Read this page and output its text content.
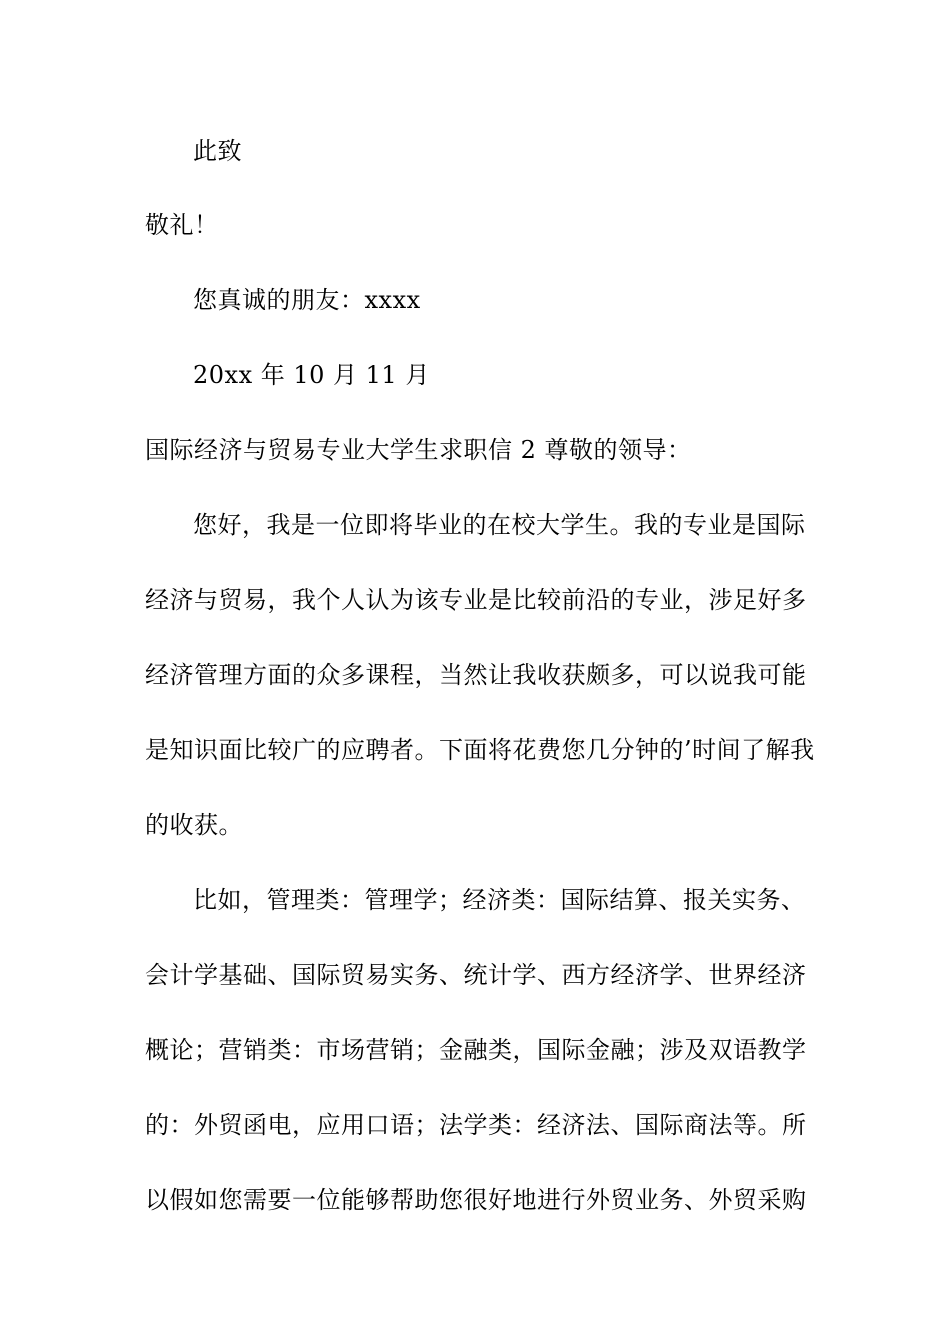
此致
敬礼！
您真诚的朋友：xxxx
20xx 年 10 月 11 月
国际经济与贸易专业大学生求职信 2 尊敬的领导：
您好，我是一位即将毕业的在校大学生。我的专业是国际
经济与贸易，我个人认为该专业是比较前沿的专业，涉足好多
经济管理方面的众多课程，当然让我收获颇多，可以说我可能
是知识面比较广的应聘者。下面将花费您几分钟的’时间了解我
的收获。
比如，管理类：管理学；经济类：国际结算、报关实务、
会计学基础、国际贸易实务、统计学、西方经济学、世界经济
概论；营销类：市场营销；金融类，国际金融；涉及双语教学
的：外贸函电，应用口语；法学类：经济法、国际商法等。所
以假如您需要一位能够帮助您很好地进行外贸业务、外贸采购
